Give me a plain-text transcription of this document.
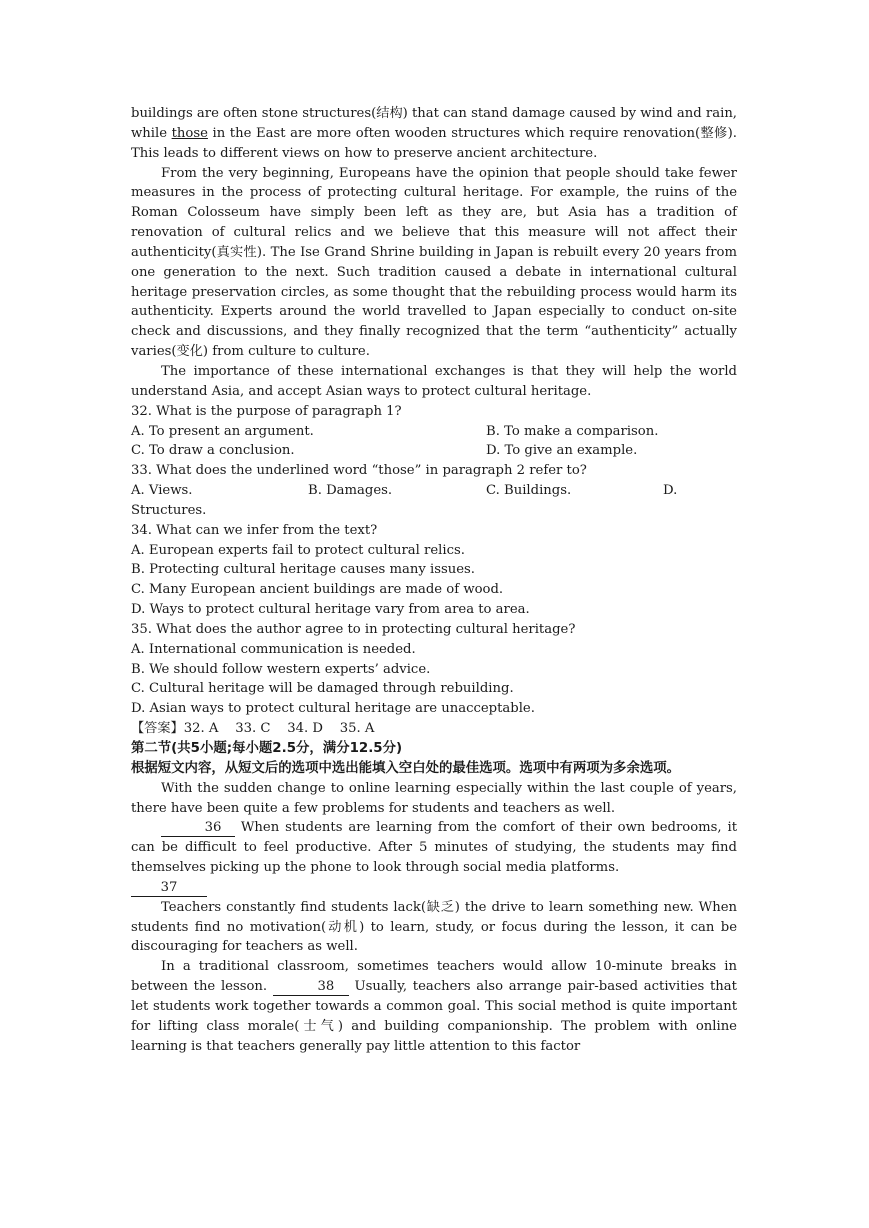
buildings are often stone structures(结构) that can stand damage caused by wind and rain, while those in the East are more often wooden structures which require renovation(整修). This leads to different views on how to preserve ancient architecture.

From the very beginning, Europeans have the opinion that people should take fewer measures in the process of protecting cultural heritage. For example, the ruins of the Roman Colosseum have simply been left as they are, but Asia has a tradition of renovation of cultural relics and we believe that this measure will not affect their authenticity(真实性). The Ise Grand Shrine building in Japan is rebuilt every 20 years from one generation to the next. Such tradition caused a debate in international cultural heritage preservation circles, as some thought that the rebuilding process would harm its authenticity. Experts around the world travelled to Japan especially to conduct on-site check and discussions, and they finally recognized that the term “authenticity” actually varies(变化) from culture to culture.

The importance of these international exchanges is that they will help the world understand Asia, and accept Asian ways to protect cultural heritage.

32. What is the purpose of paragraph 1?

A. To present an argument.	B. To make a comparison.
C. To draw a conclusion.	D. To give an example.

33. What does the underlined word “those” in paragraph 2 refer to?

A. Views.	B. Damages.	C. Buildings.	D.

Structures.

34. What can we infer from the text?

A. European experts fail to protect cultural relics.

B. Protecting cultural heritage causes many issues.

C. Many European ancient buildings are made of wood.

D. Ways to protect cultural heritage vary from area to area.

35. What does the author agree to in protecting cultural heritage?

A. International communication is needed.

B. We should follow western experts’ advice.

C. Cultural heritage will be damaged through rebuilding.

D. Asian ways to protect cultural heritage are unacceptable.

【答案】32. A    33. C    34. D    35. A

第二节(共5小题;每小题2.5分，满分12.5分)

根据短文内容，从短文后的选项中选出能填入空白处的最佳选项。选项中有两项为多余选项。

With the sudden change to online learning especially within the last couple of years, there have been quite a few problems for students and teachers as well.

36 When students are learning from the comfort of their own bedrooms, it can be difficult to feel productive. After 5 minutes of studying, the students may find themselves picking up the phone to look through social media platforms.

37

Teachers constantly find students lack(缺乏) the drive to learn something new. When students find no motivation(动机) to learn, study, or focus during the lesson, it can be discouraging for teachers as well.

In a traditional classroom, sometimes teachers would allow 10-minute breaks in between the lesson.	38 Usually, teachers also arrange pair-based activities that let students work together towards a common goal. This social method is quite important for lifting class morale(士气) and building companionship. The problem with online learning is that teachers generally pay little attention to this factor
